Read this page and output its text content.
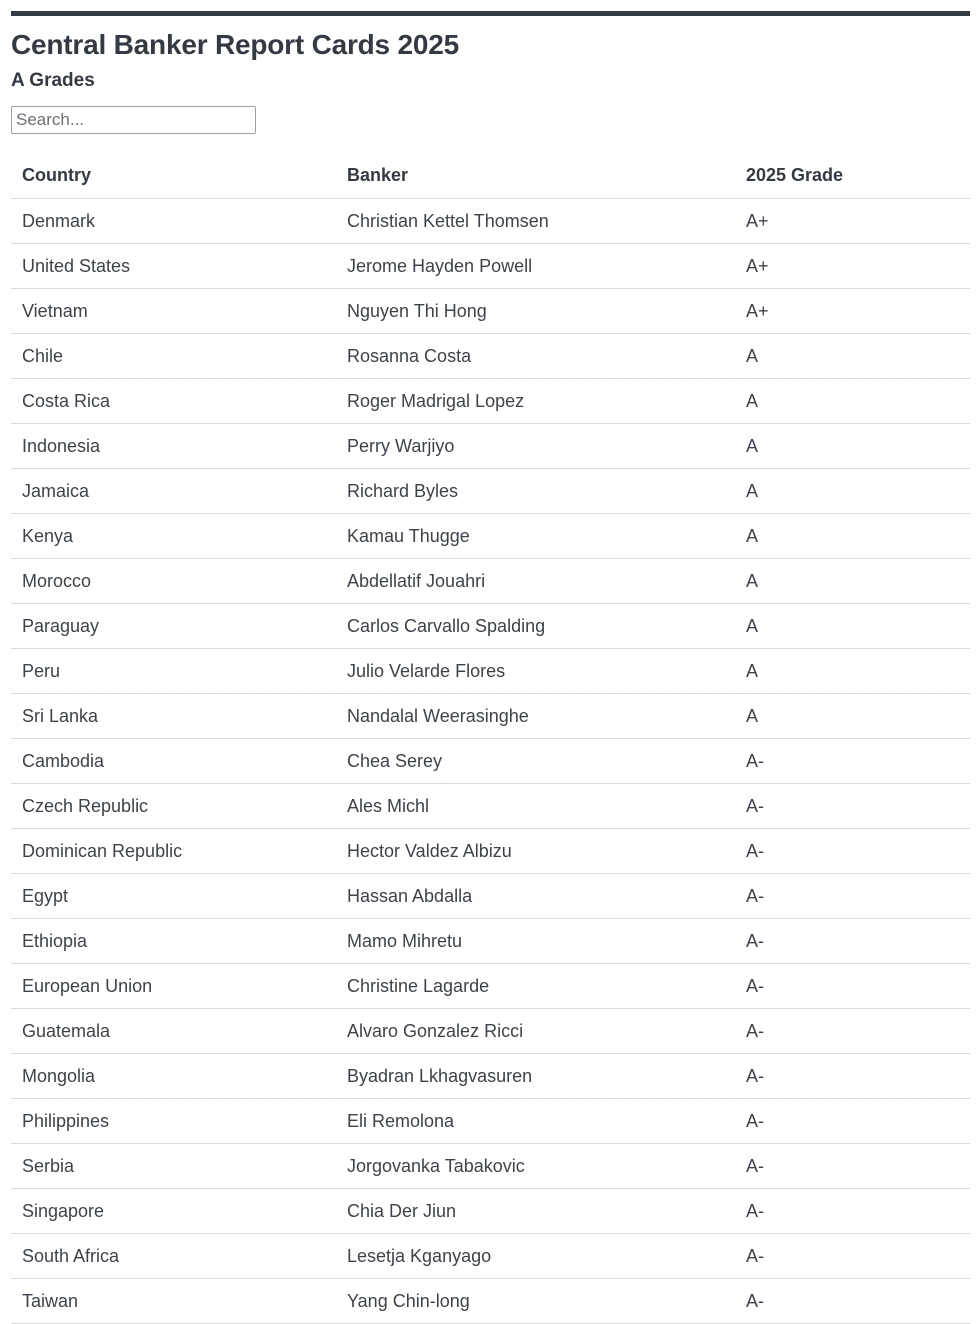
Central Banker Report Cards 2025
A Grades
Search...
Country	Banker	2025 Grade
Denmark	Christian Kettel Thomsen	A+
United States	Jerome Hayden Powell	A+
Vietnam	Nguyen Thi Hong	A+
Chile	Rosanna Costa	A
Costa Rica	Roger Madrigal Lopez	A
Indonesia	Perry Warjiyo	A
Jamaica	Richard Byles	A
Kenya	Kamau Thugge	A
Morocco	Abdellatif Jouahri	A
Paraguay	Carlos Carvallo Spalding	A
Peru	Julio Velarde Flores	A
Sri Lanka	Nandalal Weerasinghe	A
Cambodia	Chea Serey	A-
Czech Republic	Ales Michl	A-
Dominican Republic	Hector Valdez Albizu	A-
Egypt	Hassan Abdalla	A-
Ethiopia	Mamo Mihretu	A-
European Union	Christine Lagarde	A-
Guatemala	Alvaro Gonzalez Ricci	A-
Mongolia	Byadran Lkhagvasuren	A-
Philippines	Eli Remolona	A-
Serbia	Jorgovanka Tabakovic	A-
Singapore	Chia Der Jiun	A-
South Africa	Lesetja Kganyago	A-
Taiwan	Yang Chin-long	A-
